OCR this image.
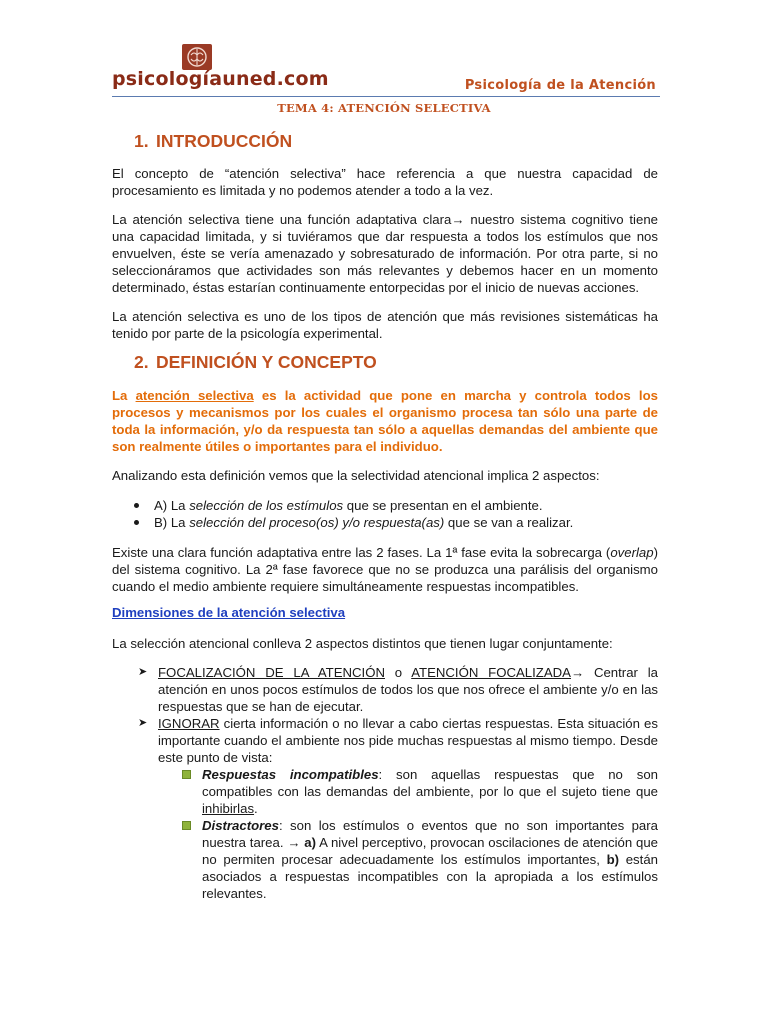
psicologíauned.com	Psicología de la Atención
TEMA 4: ATENCIÓN SELECTIVA
1. INTRODUCCIÓN
El concepto de “atención selectiva” hace referencia a que nuestra capacidad de procesamiento es limitada y no podemos atender a todo a la vez.
La atención selectiva tiene una función adaptativa clara→ nuestro sistema cognitivo tiene una capacidad limitada, y si tuviéramos que dar respuesta a todos los estímulos que nos envuelven, éste se vería amenazado y sobresaturado de información. Por otra parte, si no seleccionáramos que actividades son más relevantes y debemos hacer en un momento determinado, éstas estarían continuamente entorpecidas por el inicio de nuevas acciones.
La atención selectiva es uno de los tipos de atención que más revisiones sistemáticas ha tenido por parte de la psicología experimental.
2. DEFINICIÓN Y CONCEPTO
La atención selectiva es la actividad que pone en marcha y controla todos los procesos y mecanismos por los cuales el organismo procesa tan sólo una parte de toda la información, y/o da respuesta tan sólo a aquellas demandas del ambiente que son realmente útiles o importantes para el individuo.
Analizando esta definición vemos que la selectividad atencional implica 2 aspectos:
A) La selección de los estímulos que se presentan en el ambiente.
B) La selección del proceso(os) y/o respuesta(as) que se van a realizar.
Existe una clara función adaptativa entre las 2 fases. La 1ª fase evita la sobrecarga (overlap) del sistema cognitivo. La 2ª fase favorece que no se produzca una parálisis del organismo cuando el medio ambiente requiere simultáneamente respuestas incompatibles.
Dimensiones de la atención selectiva
La selección atencional conlleva 2 aspectos distintos que tienen lugar conjuntamente:
➤ FOCALIZACIÓN DE LA ATENCIÓN o ATENCIÓN FOCALIZADA→ Centrar la atención en unos pocos estímulos de todos los que nos ofrece el ambiente y/o en las respuestas que se han de ejecutar.
➤ IGNORAR cierta información o no llevar a cabo ciertas respuestas. Esta situación es importante cuando el ambiente nos pide muchas respuestas al mismo tiempo. Desde este punto de vista:
Respuestas incompatibles: son aquellas respuestas que no son compatibles con las demandas del ambiente, por lo que el sujeto tiene que inhibirlas.
Distractores: son los estímulos o eventos que no son importantes para nuestra tarea. → a) A nivel perceptivo, provocan oscilaciones de atención que no permiten procesar adecuadamente los estímulos importantes, b) están asociados a respuestas incompatibles con la apropiada a los estímulos relevantes.
